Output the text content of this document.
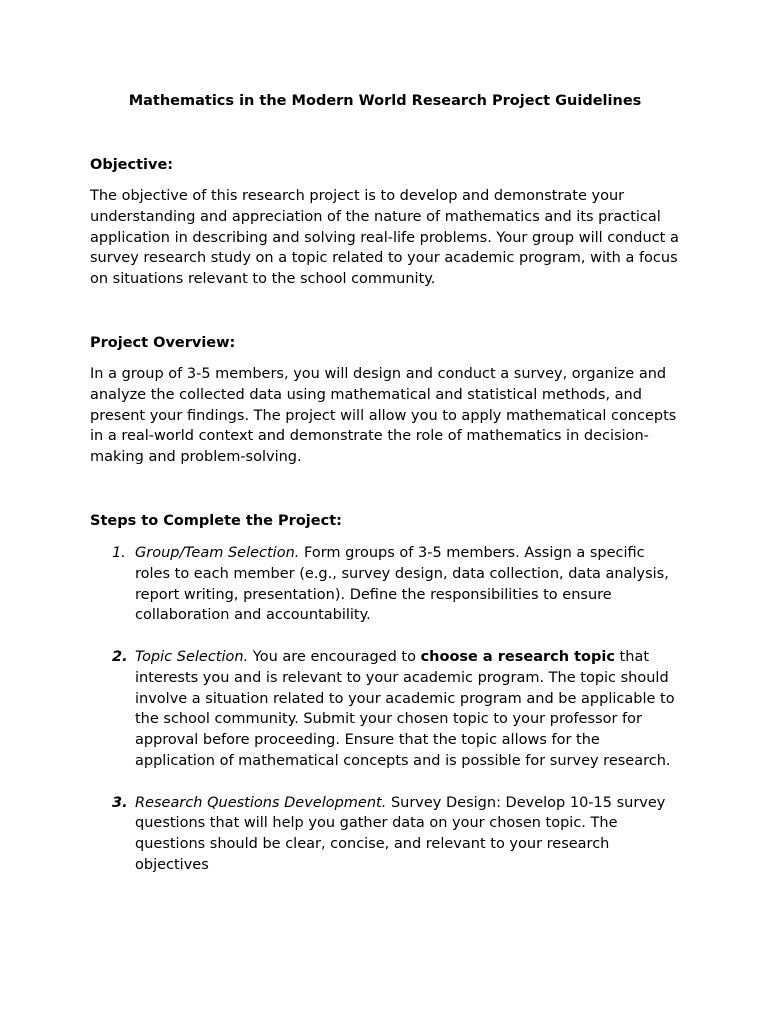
Mathematics in the Modern World Research Project Guidelines
Objective:

The objective of this research project is to develop and demonstrate your understanding and appreciation of the nature of mathematics and its practical application in describing and solving real-life problems. Your group will conduct a survey research study on a topic related to your academic program, with a focus on situations relevant to the school community.

Project Overview:

In a group of 3-5 members, you will design and conduct a survey, organize and analyze the collected data using mathematical and statistical methods, and present your findings. The project will allow you to apply mathematical concepts in a real-world context and demonstrate the role of mathematics in decision-making and problem-solving.

Steps to Complete the Project:
1. Group/Team Selection. Form groups of 3-5 members. Assign a specific roles to each member (e.g., survey design, data collection, data analysis, report writing, presentation). Define the responsibilities to ensure collaboration and accountability.
2. Topic Selection. You are encouraged to choose a research topic that interests you and is relevant to your academic program. The topic should involve a situation related to your academic program and be applicable to the school community. Submit your chosen topic to your professor for approval before proceeding. Ensure that the topic allows for the application of mathematical concepts and is possible for survey research.
3. Research Questions Development. Survey Design: Develop 10-15 survey questions that will help you gather data on your chosen topic. The questions should be clear, concise, and relevant to your research objectives
